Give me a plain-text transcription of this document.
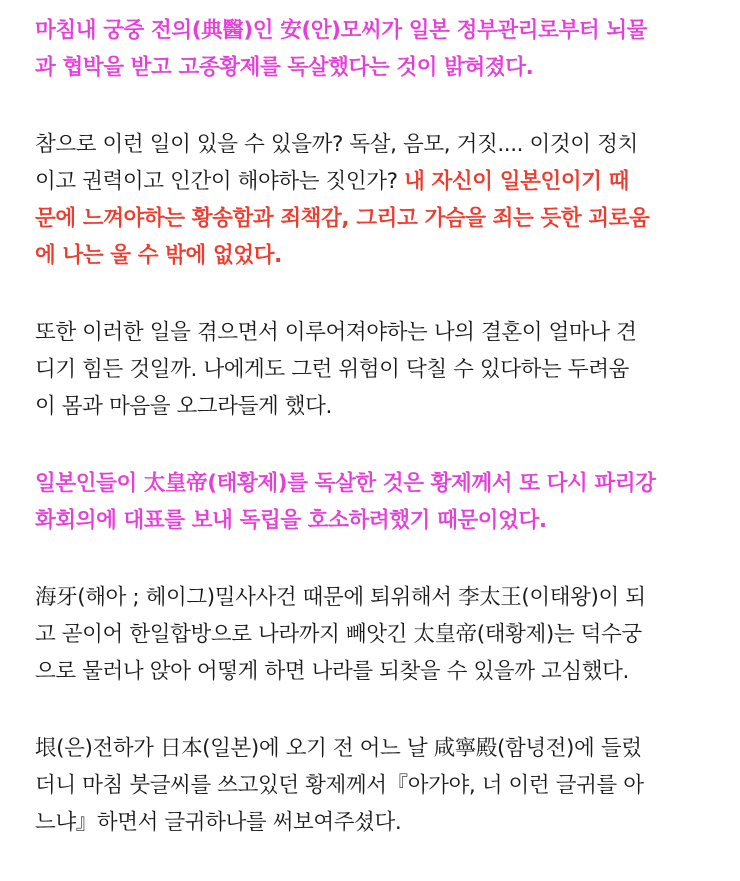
마침내 궁중 전의(典醫)인 安(안)모씨가 일본 정부관리로부터 뇌물
과 협박을 받고 고종황제를 독살했다는 것이 밝혀졌다.

참으로 이런 일이 있을 수 있을까? 독살, 음모, 거짓.... 이것이 정치
이고 권력이고 인간이 해야하는 짓인가? 내 자신이 일본인이기 때
문에 느껴야하는 황송함과 죄책감, 그리고 가슴을 죄는 듯한 괴로움
에 나는 울 수 밖에 없었다.

또한 이러한 일을 겪으면서 이루어져야하는 나의 결혼이 얼마나 견
디기 힘든 것일까. 나에게도 그런 위험이 닥칠 수 있다하는 두려움
이 몸과 마음을 오그라들게 했다.

일본인들이 太皇帝(태황제)를 독살한 것은 황제께서 또 다시 파리강
화회의에 대표를 보내 독립을 호소하려했기 때문이었다.

海牙(해아 ; 헤이그)밀사사건 때문에 퇴위해서 李太王(이태왕)이 되
고 곧이어 한일합방으로 나라까지 빼앗긴 太皇帝(태황제)는 덕수궁
으로 물러나 앉아 어떻게 하면 나라를 되찾을 수 있을까 고심했다.

垠(은)전하가 日本(일본)에 오기 전 어느 날 咸寧殿(함녕전)에 들렀
더니 마침 붓글씨를 쓰고있던 황제께서『아가야, 너 이런 글귀를 아
느냐』하면서 글귀하나를 써보여주셨다.
